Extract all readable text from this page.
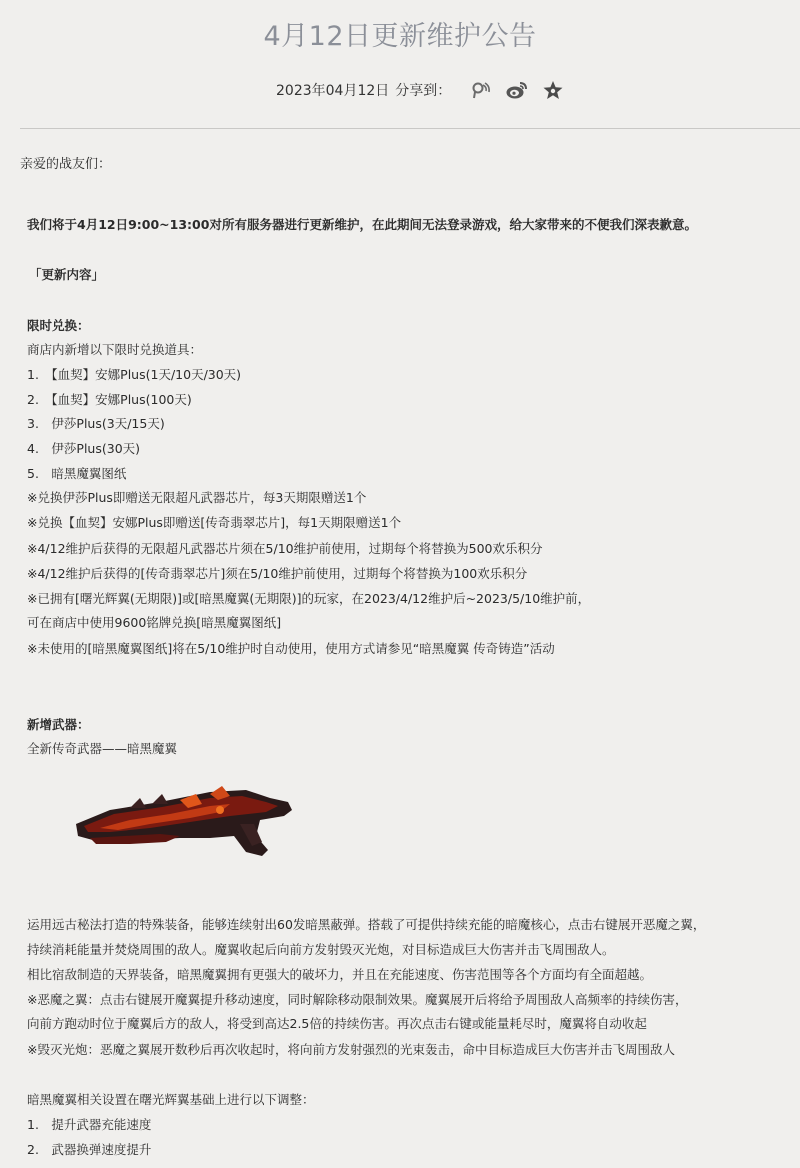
4月12日更新维护公告
2023年04月12日 分享到：
亲爱的战友们：
我们将于4月12日9:00~13:00对所有服务器进行更新维护，在此期间无法登录游戏，给大家带来的不便我们深表歉意。
「更新内容」
限时兑换：
商店内新增以下限时兑换道具：
1.　【血契】安娜Plus(1天/10天/30天)
2.　【血契】安娜Plus(100天)
3.　伊莎Plus(3天/15天)
4.　伊莎Plus(30天)
5.　暗黑魔翼图纸
※兑换伊莎Plus即赠送无限超凡武器芯片，每3天期限赠送1个
※兑换【血契】安娜Plus即赠送[传奇翡翠芯片]，每1天期限赠送1个
※4/12维护后获得的无限超凡武器芯片须在5/10维护前使用，过期每个将替换为500欢乐积分
※4/12维护后获得的[传奇翡翠芯片]须在5/10维护前使用，过期每个将替换为100欢乐积分
※已拥有[曙光辉翼(无期限)]或[暗黑魔翼(无期限)]的玩家，在2023/4/12维护后~2023/5/10维护前，
可在商店中使用9600铭牌兑换[暗黑魔翼图纸]
※未使用的[暗黑魔翼图纸]将在5/10维护时自动使用，使用方式请参见“暗黑魔翼 传奇铸造”活动
新增武器：
全新传奇武器——暗黑魔翼
运用远古秘法打造的特殊装备，能够连续射出60发暗黑蔽弹。搭载了可提供持续充能的暗魔核心，点击右键展开恶魔之翼，
持续消耗能量并焚烧周围的敌人。魔翼收起后向前方发射毁灭光炮，对目标造成巨大伤害并击飞周围敌人。
相比宿敌制造的天界装备，暗黑魔翼拥有更强大的破坏力，并且在充能速度、伤害范围等各个方面均有全面超越。
※恶魔之翼：点击右键展开魔翼提升移动速度，同时解除移动限制效果。魔翼展开后将给予周围敌人高频率的持续伤害，
向前方跑动时位于魔翼后方的敌人，将受到高达2.5倍的持续伤害。再次点击右键或能量耗尽时，魔翼将自动收起
※毁灭光炮：恶魔之翼展开数秒后再次收起时，将向前方发射强烈的光束轰击，命中目标造成巨大伤害并击飞周围敌人
暗黑魔翼相关设置在曙光辉翼基础上进行以下调整：
1.　提升武器充能速度
2.　武器换弹速度提升
